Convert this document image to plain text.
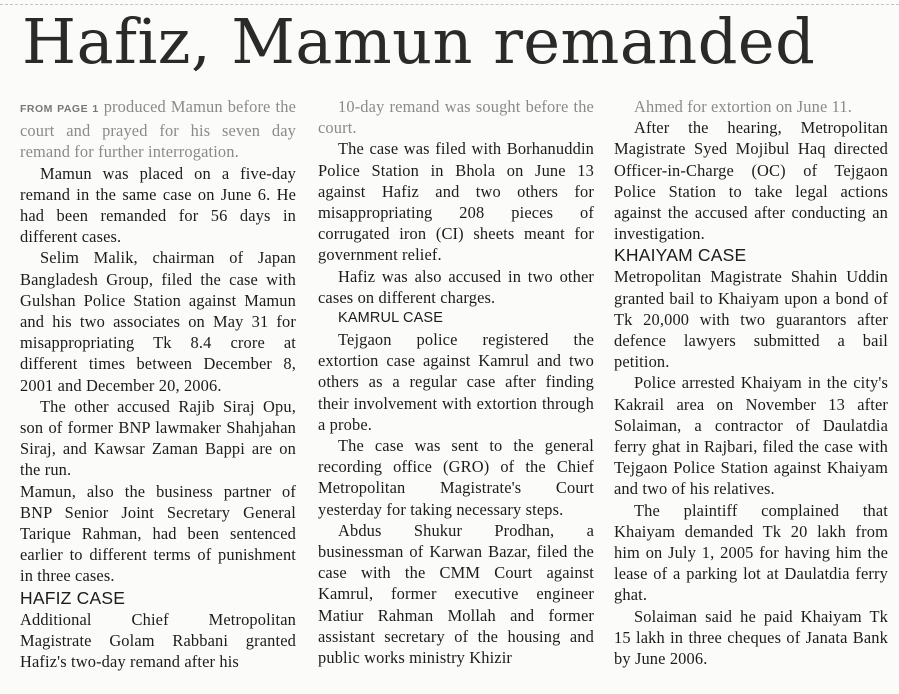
Hafiz, Mamun remanded

FROM PAGE 1 produced Mamun before the court and prayed for his seven day remand for further interrogation.

Mamun was placed on a five-day remand in the same case on June 6. He had been remanded for 56 days in different cases.

Selim Malik, chairman of Japan Bangladesh Group, filed the case with Gulshan Police Station against Mamun and his two associates on May 31 for misappropriating Tk 8.4 crore at different times between December 8, 2001 and December 20, 2006.

The other accused Rajib Siraj Opu, son of former BNP lawmaker Shahjahan Siraj, and Kawsar Zaman Bappi are on the run.

Mamun, also the business partner of BNP Senior Joint Secretary General Tarique Rahman, had been sentenced earlier to different terms of punishment in three cases.

HAFIZ CASE

Additional Chief Metropolitan Magistrate Golam Rabbani granted Hafiz's two-day remand after his

10-day remand was sought before the court.

The case was filed with Borhanuddin Police Station in Bhola on June 13 against Hafiz and two others for misappropriating 208 pieces of corrugated iron (CI) sheets meant for government relief.

Hafiz was also accused in two other cases on different charges.

KAMRUL CASE

Tejgaon police registered the extortion case against Kamrul and two others as a regular case after finding their involvement with extortion through a probe.

The case was sent to the general recording office (GRO) of the Chief Metropolitan Magistrate's Court yesterday for taking necessary steps.

Abdus Shukur Prodhan, a businessman of Karwan Bazar, filed the case with the CMM Court against Kamrul, former executive engineer Matiur Rahman Mollah and former assistant secretary of the housing and public works ministry Khizir

Ahmed for extortion on June 11.

After the hearing, Metropolitan Magistrate Syed Mojibul Haq directed Officer-in-Charge (OC) of Tejgaon Police Station to take legal actions against the accused after conducting an investigation.

KHAIYAM CASE

Metropolitan Magistrate Shahin Uddin granted bail to Khaiyam upon a bond of Tk 20,000 with two guarantors after defence lawyers submitted a bail petition.

Police arrested Khaiyam in the city's Kakrail area on November 13 after Solaiman, a contractor of Daulatdia ferry ghat in Rajbari, filed the case with Tejgaon Police Station against Khaiyam and two of his relatives.

The plaintiff complained that Khaiyam demanded Tk 20 lakh from him on July 1, 2005 for having him the lease of a parking lot at Daulatdia ferry ghat.

Solaiman said he paid Khaiyam Tk 15 lakh in three cheques of Janata Bank by June 2006.
